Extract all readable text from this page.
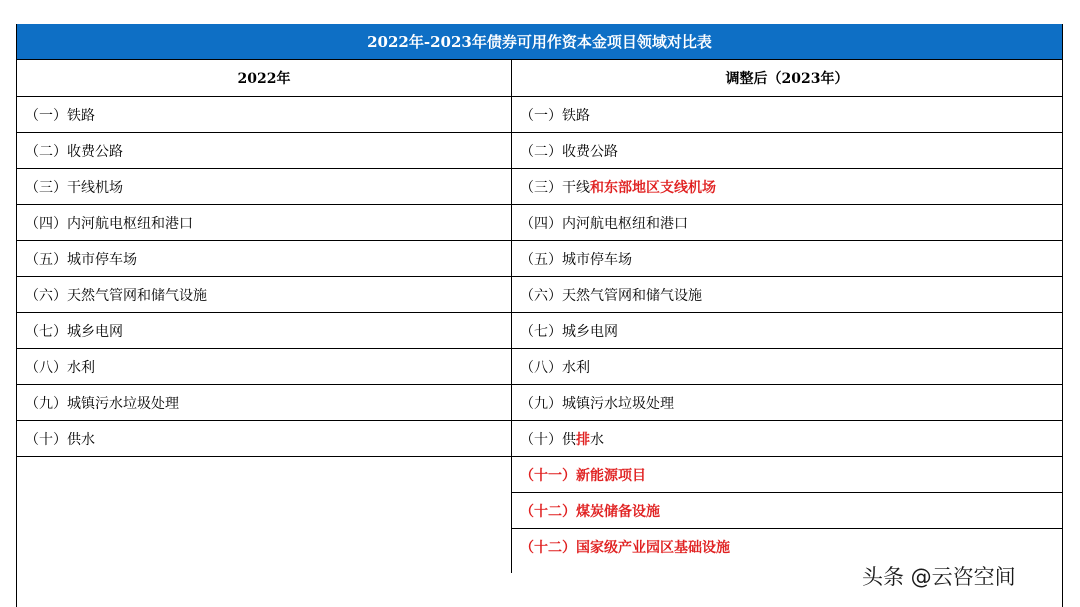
2022年-2023年债券可用作资本金项目领域对比表
2022年
（一）铁路
（二）收费公路
（三）干线机场
（四）内河航电枢纽和港口
（五）城市停车场
（六）天然气管网和储气设施
（七）城乡电网
（八）水利
（九）城镇污水垃圾处理
（十）供水
调整后（2023年）
（一）铁路
（二）收费公路
（三）干线 和东部地区支线机场
（四）内河航电枢纽和港口
（五）城市停车场
（六）天然气管网和储气设施
（七）城乡电网
（八）水利
（九）城镇污水垃圾处理
（十）供 排 水
（十一）新能源项目
（十二）煤炭储备设施
（十二）国家级产业园区基础设施
头条 @云咨空间
